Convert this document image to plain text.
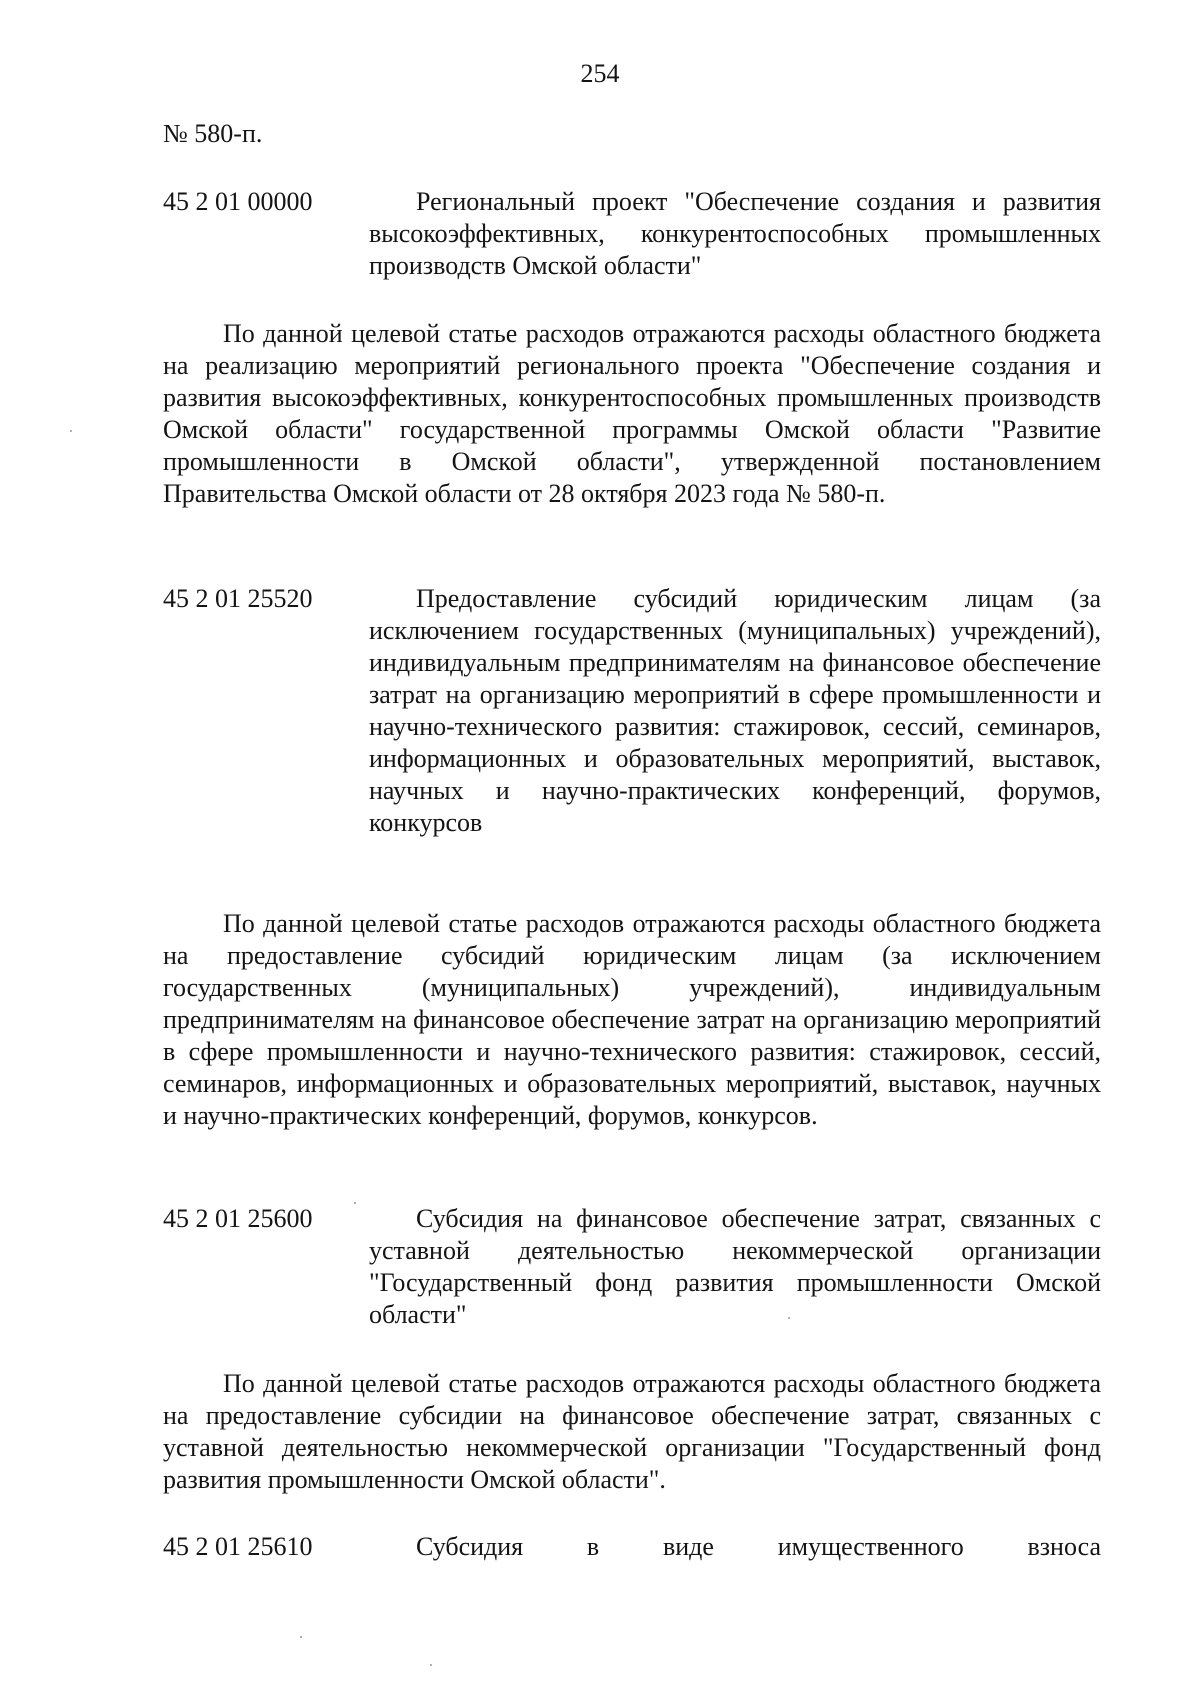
254
№ 580-п.
45 2 01 00000	Региональный проект "Обеспечение создания и развития высокоэффективных, конкурентоспособных промышленных производств Омской области"
По данной целевой статье расходов отражаются расходы областного бюджета на реализацию мероприятий регионального проекта "Обеспечение создания и развития высокоэффективных, конкурентоспособных промышленных производств Омской области" государственной программы Омской области "Развитие промышленности в Омской области", утвержденной постановлением Правительства Омской области от 28 октября 2023 года № 580-п.
45 2 01 25520	Предоставление субсидий юридическим лицам (за исключением государственных (муниципальных) учреждений), индивидуальным предпринимателям на финансовое обеспечение затрат на организацию мероприятий в сфере промышленности и научно-технического развития: стажировок, сессий, семинаров, информационных и образовательных мероприятий, выставок, научных и научно-практических конференций, форумов, конкурсов
По данной целевой статье расходов отражаются расходы областного бюджета на предоставление субсидий юридическим лицам (за исключением государственных (муниципальных) учреждений), индивидуальным предпринимателям на финансовое обеспечение затрат на организацию мероприятий в сфере промышленности и научно-технического развития: стажировок, сессий, семинаров, информационных и образовательных мероприятий, выставок, научных и научно-практических конференций, форумов, конкурсов.
45 2 01 25600	Субсидия на финансовое обеспечение затрат, связанных с уставной деятельностью некоммерческой организации "Государственный фонд развития промышленности Омской области"
По данной целевой статье расходов отражаются расходы областного бюджета на предоставление субсидии на финансовое обеспечение затрат, связанных с уставной деятельностью некоммерческой организации "Государственный фонд развития промышленности Омской области".
45 2 01 25610	Субсидия в виде имущественного взноса
